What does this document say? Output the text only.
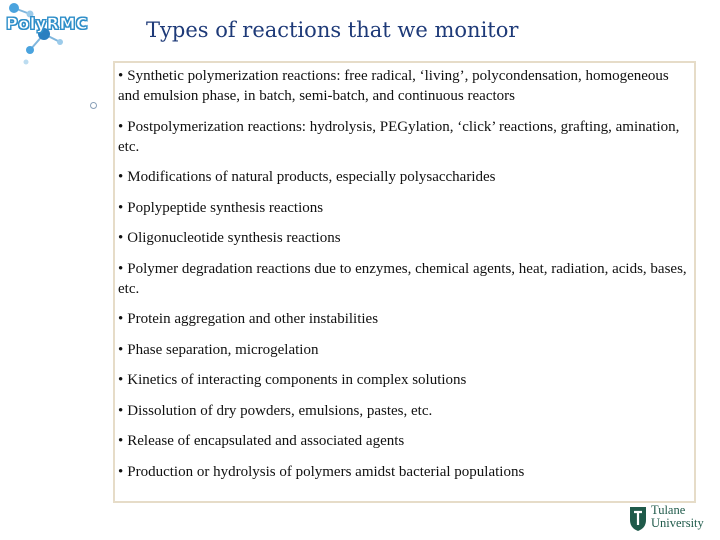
PolyRMC	Types of reactions that we monitor
• Synthetic polymerization reactions: free radical, ‘living’, polycondensation, homogeneous and emulsion phase, in batch, semi-batch, and continuous reactors
• Postpolymerization reactions: hydrolysis, PEGylation, ‘click’ reactions, grafting, amination, etc.
• Modifications of natural products, especially polysaccharides
• Poplypeptide synthesis reactions
• Oligonucleotide synthesis reactions
• Polymer degradation reactions due to enzymes, chemical agents, heat, radiation, acids, bases, etc.
• Protein aggregation and other instabilities
• Phase separation, microgelation
• Kinetics of interacting components in complex solutions
• Dissolution of dry powders, emulsions, pastes, etc.
• Release of encapsulated and associated agents
• Production or hydrolysis of polymers amidst bacterial populations
Tulane
University
